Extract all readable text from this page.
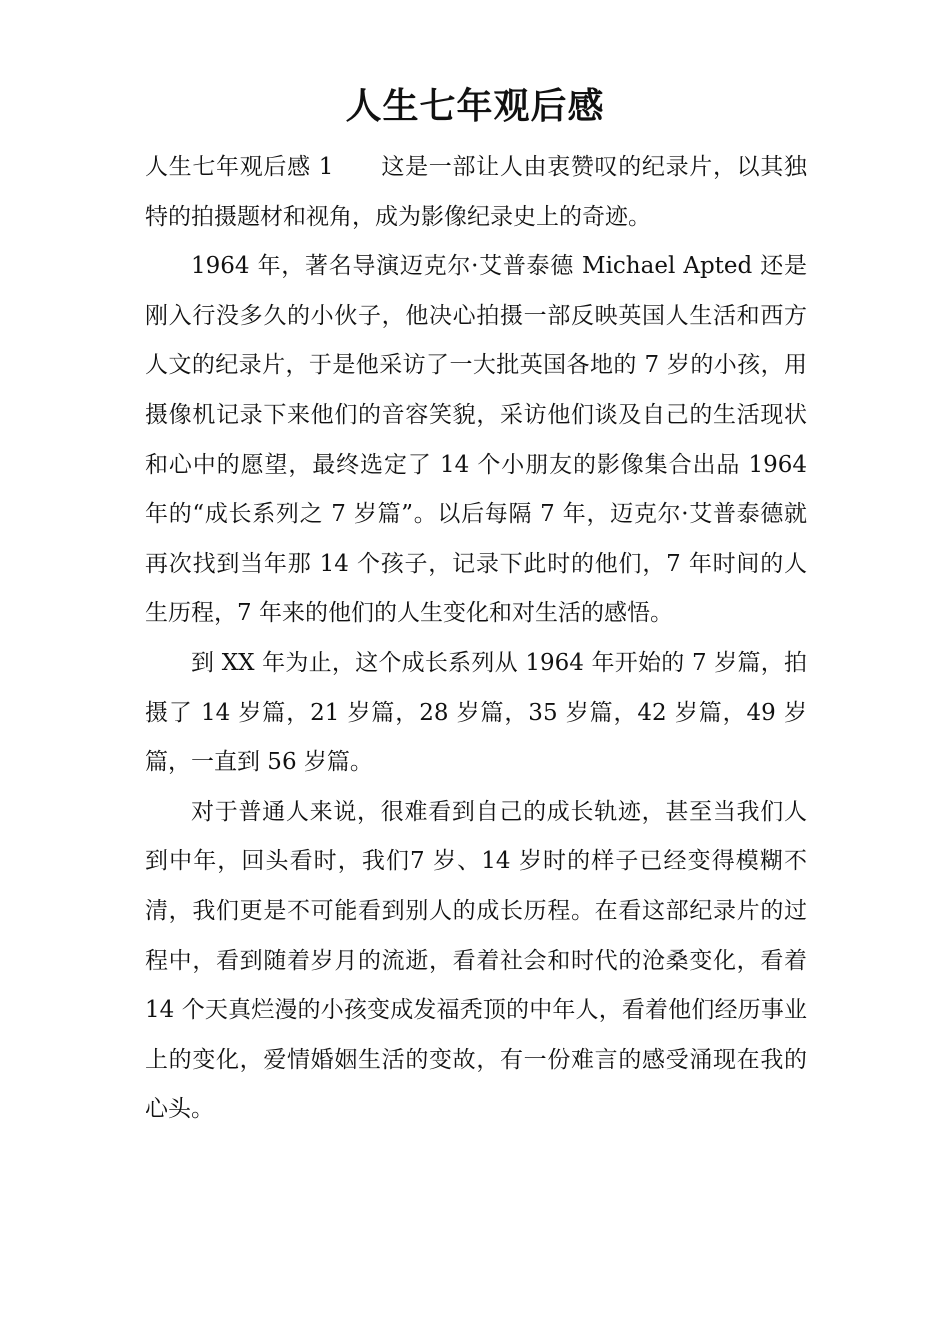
人生七年观后感

人生七年观后感 1　　这是一部让人由衷赞叹的纪录片，以其独特的拍摄题材和视角，成为影像纪录史上的奇迹。

1964 年，著名导演迈克尔·艾普泰德 Michael Apted 还是刚入行没多久的小伙子，他决心拍摄一部反映英国人生活和西方人文的纪录片，于是他采访了一大批英国各地的 7 岁的小孩，用摄像机记录下来他们的音容笑貌，采访他们谈及自己的生活现状和心中的愿望，最终选定了 14 个小朋友的影像集合出品 1964 年的“成长系列之 7 岁篇”。以后每隔 7 年，迈克尔·艾普泰德就再次找到当年那 14 个孩子，记录下此时的他们，7 年时间的人生历程，7 年来的他们的人生变化和对生活的感悟。

到 XX 年为止，这个成长系列从 1964 年开始的 7 岁篇，拍摄了 14 岁篇，21 岁篇，28 岁篇，35 岁篇，42 岁篇，49 岁篇，一直到 56 岁篇。

对于普通人来说，很难看到自己的成长轨迹，甚至当我们人到中年，回头看时，我们7 岁、14 岁时的样子已经变得模糊不清，我们更是不可能看到别人的成长历程。在看这部纪录片的过程中，看到随着岁月的流逝，看着社会和时代的沧桑变化，看着 14 个天真烂漫的小孩变成发福秃顶的中年人，看着他们经历事业上的变化，爱情婚姻生活的变故，有一份难言的感受涌现在我的心头。
